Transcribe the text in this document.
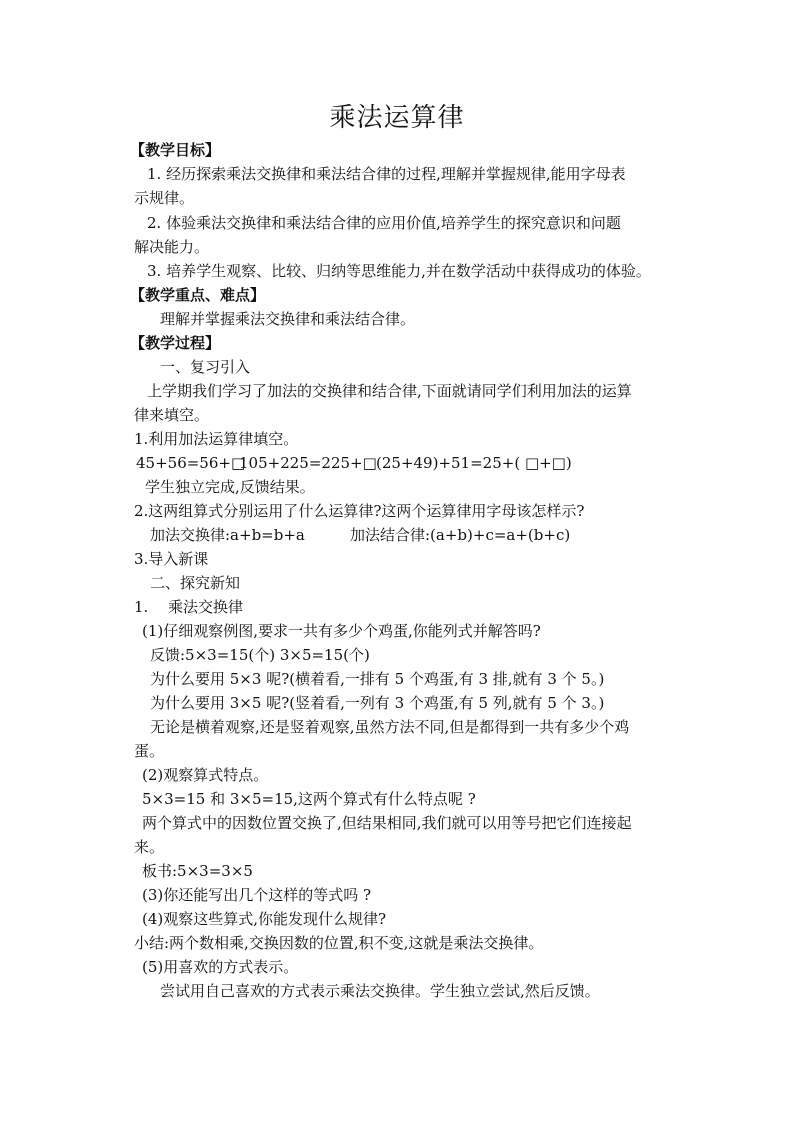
乘法运算律
【教学目标】
1. 经历探索乘法交换律和乘法结合律的过程,理解并掌握规律,能用字母表
示规律。
2. 体验乘法交换律和乘法结合律的应用价值,培养学生的探究意识和问题
解决能力。
3. 培养学生观察、比较、归纳等思维能力,并在数学活动中获得成功的体验。
【教学重点、难点】
理解并掌握乘法交换律和乘法结合律。
【教学过程】
一、复习引入
上学期我们学习了加法的交换律和结合律,下面就请同学们利用加法的运算
律来填空。
1.利用加法运算律填空。
45+56=56+□
105+225=225+□ (25+49)+51=25+( □+□)
学生独立完成,反馈结果。
2.这两组算式分别运用了什么运算律?这两个运算律用字母该怎样示?
加法交换律:a+b=b+a	加法结合律:(a+b)+c=a+(b+c)
3.导入新课
二、探究新知
1. 乘法交换律
(1)仔细观察例图,要求一共有多少个鸡蛋,你能列式并解答吗?
反馈:5×3=15(个) 3×5=15(个)
为什么要用 5×3 呢?(横着看,一排有 5 个鸡蛋,有 3 排,就有 3 个 5。)
为什么要用 3×5 呢?(竖着看,一列有 3 个鸡蛋,有 5 列,就有 5 个 3。)
无论是横着观察,还是竖着观察,虽然方法不同,但是都得到一共有多少个鸡
蛋。
(2)观察算式特点。
5×3=15 和 3×5=15,这两个算式有什么特点呢 ?
两个算式中的因数位置交换了,但结果相同,我们就可以用等号把它们连接起
来。
板书:5×3=3×5
(3)你还能写出几个这样的等式吗 ?
(4)观察这些算式,你能发现什么规律?
小结:两个数相乘,交换因数的位置,积不变,这就是乘法交换律。
(5)用喜欢的方式表示。
尝试用自己喜欢的方式表示乘法交换律。学生独立尝试,然后反馈。
